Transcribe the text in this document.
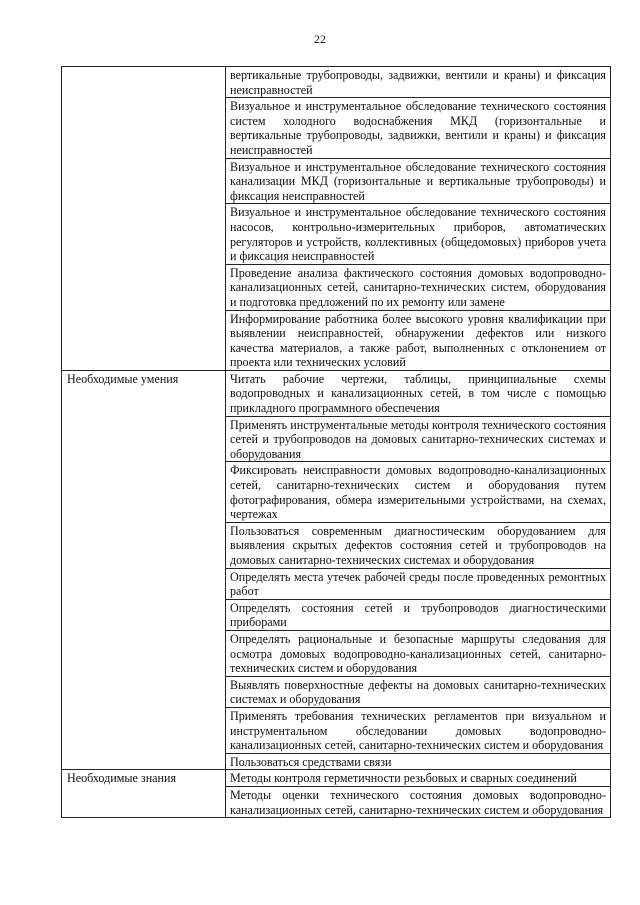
22
	вертикальные трубопроводы, задвижки, вентили и краны) и фиксация неисправностей
	Визуальное и инструментальное обследование технического состояния систем холодного водоснабжения МКД (горизонтальные и вертикальные трубопроводы, задвижки, вентили и краны) и фиксация неисправностей
	Визуальное и инструментальное обследование технического состояния канализации МКД (горизонтальные и вертикальные трубопроводы) и фиксация неисправностей
	Визуальное и инструментальное обследование технического состояния насосов, контрольно-измерительных приборов, автоматических регуляторов и устройств, коллективных (общедомовых) приборов учета и фиксация неисправностей
	Проведение анализа фактического состояния домовых водопроводно-канализационных сетей, санитарно-технических систем, оборудования и подготовка предложений по их ремонту или замене
	Информирование работника более высокого уровня квалификации при выявлении неисправностей, обнаружении дефектов или низкого качества материалов, а также работ, выполненных с отклонением от проекта или технических условий
Необходимые умения	Читать рабочие чертежи, таблицы, принципиальные схемы водопроводных и канализационных сетей, в том числе с помощью прикладного программного обеспечения
	Применять инструментальные методы контроля технического состояния сетей и трубопроводов на домовых санитарно-технических системах и оборудования
	Фиксировать неисправности домовых водопроводно-канализационных сетей, санитарно-технических систем и оборудования путем фотографирования, обмера измерительными устройствами, на схемах, чертежах
	Пользоваться современным диагностическим оборудованием для выявления скрытых дефектов состояния сетей и трубопроводов на домовых санитарно-технических системах и оборудования
	Определять места утечек рабочей среды после проведенных ремонтных работ
	Определять состояния сетей и трубопроводов диагностическими приборами
	Определять рациональные и безопасные маршруты следования для осмотра домовых водопроводно-канализационных сетей, санитарно-технических систем и оборудования
	Выявлять поверхностные дефекты на домовых санитарно-технических системах и оборудования
	Применять требования технических регламентов при визуальном и инструментальном обследовании домовых водопроводно-канализационных сетей, санитарно-технических систем и оборудования
	Пользоваться средствами связи
Необходимые знания	Методы контроля герметичности резьбовых и сварных соединений
	Методы оценки технического состояния домовых водопроводно-канализационных сетей, санитарно-технических систем и оборудования
